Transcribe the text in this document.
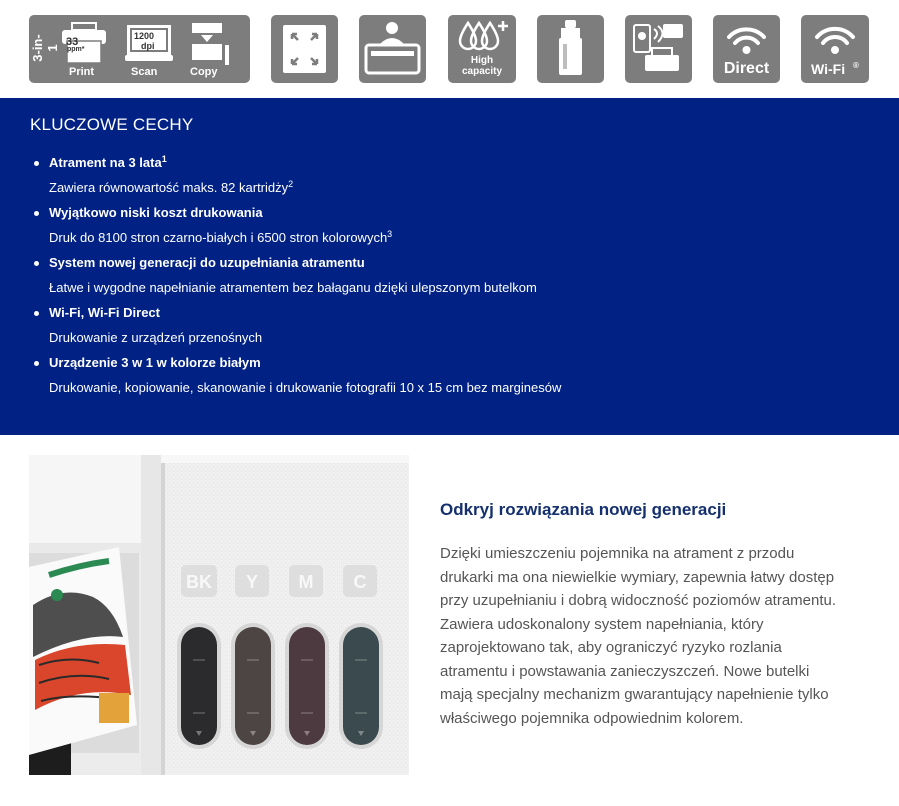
3-in-1
33
ppm*
1200
dpi
Print	Scan	Copy
High
capacity	Direct	Wi-Fi ®
KLUCZOWE CECHY
Atrament na 3 lata$^1$
Zawiera równowartość maks. 82 kartridży$^2$
Wyjątkowo niski koszt drukowania
Druk do 8100 stron czarno-białych i 6500 stron kolorowych$^3$
System nowej generacji do uzupełniania atramentu
Łatwe i wygodne napełnianie atramentem bez bałaganu dzięki ulepszonym butelkom
Wi-Fi, Wi-Fi Direct
Drukowanie z urządzeń przenośnych
Urządzenie 3 w 1 w kolorze białym
Drukowanie, kopiowanie, skanowanie i drukowanie fotografii 10 x 15 cm bez marginesów
BK Y M C
Odkryj rozwiązania nowej generacji
Dzięki umieszczeniu pojemnika na atrament z przodu
drukarki ma ona niewielkie wymiary, zapewnia łatwy dostęp
przy uzupełnianiu i dobrą widoczność poziomów atramentu.
Zawiera udoskonalony system napełniania, który
zaprojektowano tak, aby ograniczyć ryzyko rozlania
atramentu i powstawania zanieczyszczeń. Nowe butelki
mają specjalny mechanizm gwarantujący napełnienie tylko
właściwego pojemnika odpowiednim kolorem.
